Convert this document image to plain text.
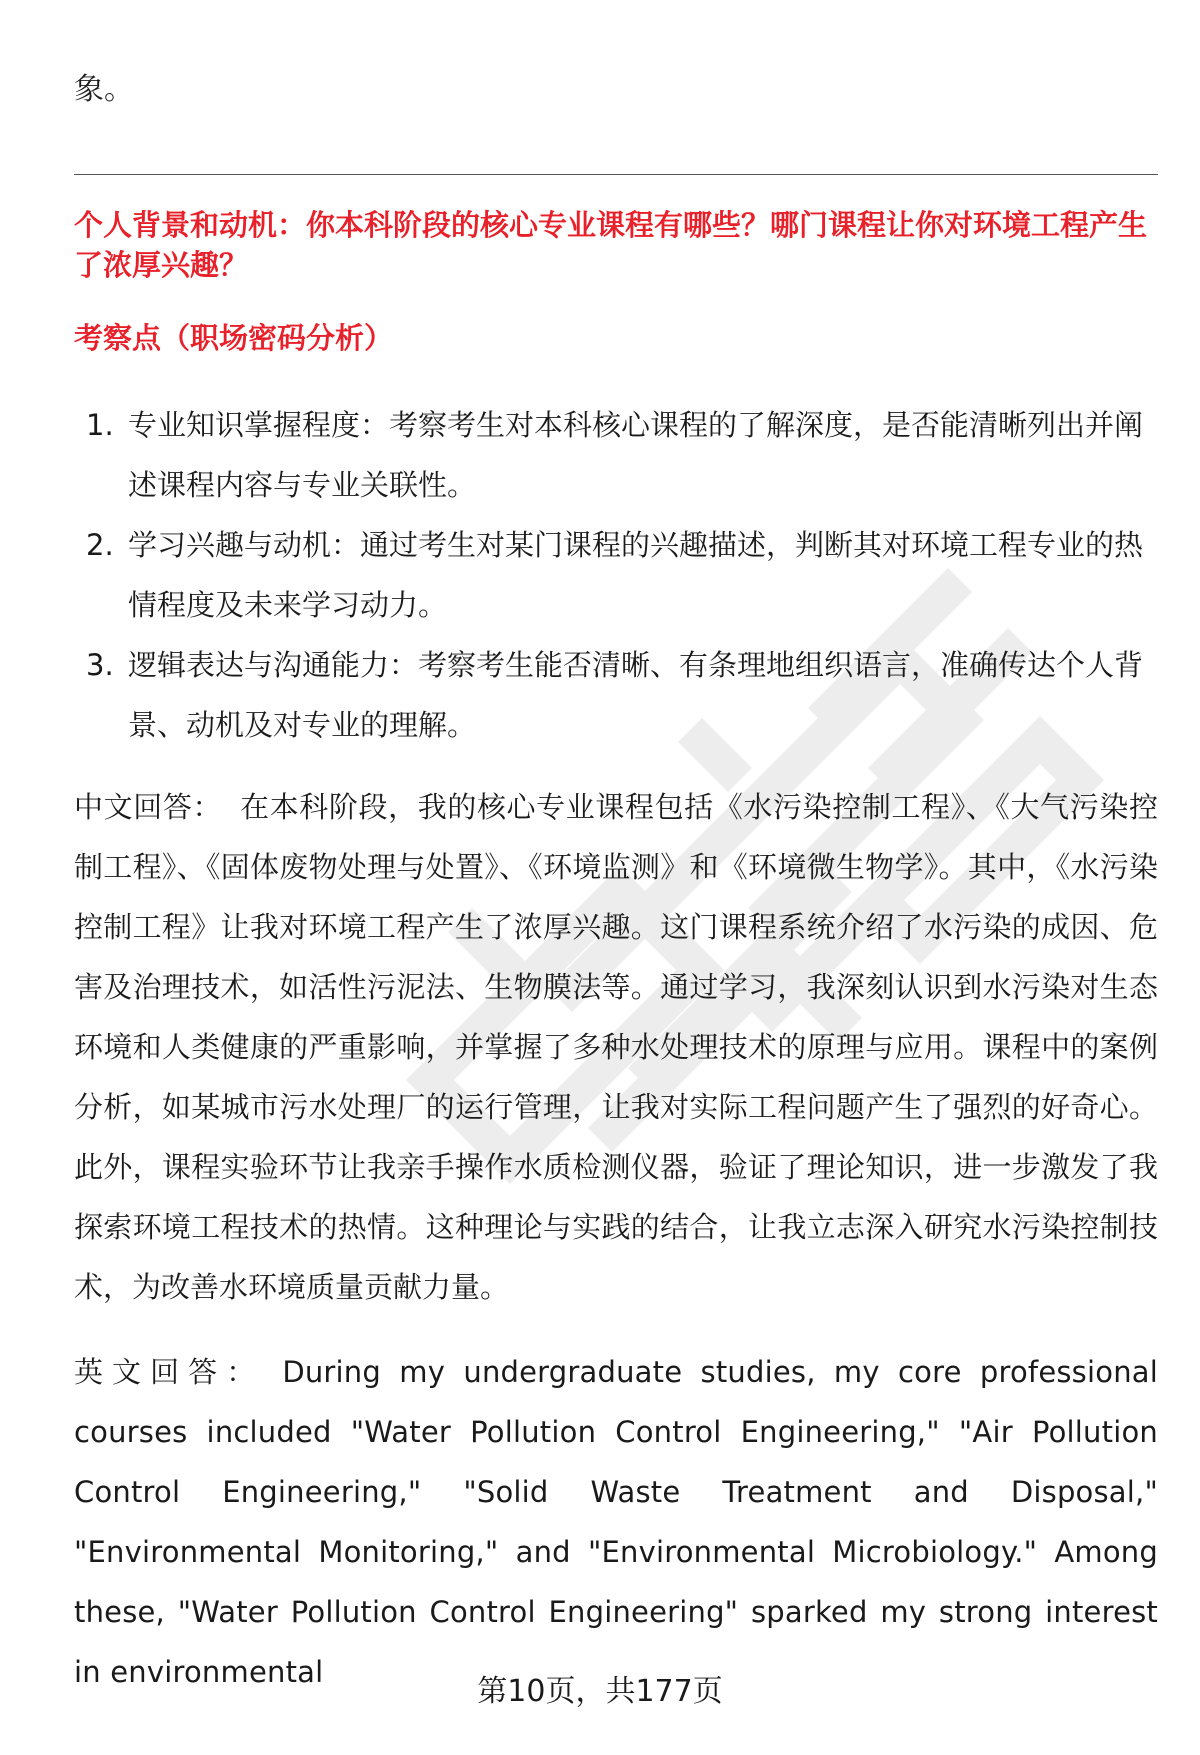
象。

个人背景和动机：你本科阶段的核心专业课程有哪些？哪门课程让你对环境工程产生了浓厚兴趣？

考察点（职场密码分析）

1. 专业知识掌握程度：考察考生对本科核心课程的了解深度，是否能清晰列出并阐述课程内容与专业关联性。
2. 学习兴趣与动机：通过考生对某门课程的兴趣描述，判断其对环境工程专业的热情程度及未来学习动力。
3. 逻辑表达与沟通能力：考察考生能否清晰、有条理地组织语言，准确传达个人背景、动机及对专业的理解。

中文回答： 在本科阶段，我的核心专业课程包括《水污染控制工程》、《大气污染控制工程》、《固体废物处理与处置》、《环境监测》和《环境微生物学》。其中，《水污染控制工程》让我对环境工程产生了浓厚兴趣。这门课程系统介绍了水污染的成因、危害及治理技术，如活性污泥法、生物膜法等。通过学习，我深刻认识到水污染对生态环境和人类健康的严重影响，并掌握了多种水处理技术的原理与应用。课程中的案例分析，如某城市污水处理厂的运行管理，让我对实际工程问题产生了强烈的好奇心。此外，课程实验环节让我亲手操作水质检测仪器，验证了理论知识，进一步激发了我探索环境工程技术的热情。这种理论与实践的结合，让我立志深入研究水污染控制技术，为改善水环境质量贡献力量。

英文回答： During my undergraduate studies, my core professional courses included "Water Pollution Control Engineering," "Air Pollution Control Engineering," "Solid Waste Treatment and Disposal," "Environmental Monitoring," and "Environmental Microbiology." Among these, "Water Pollution Control Engineering" sparked my strong interest in environmental

第10页，共177页
